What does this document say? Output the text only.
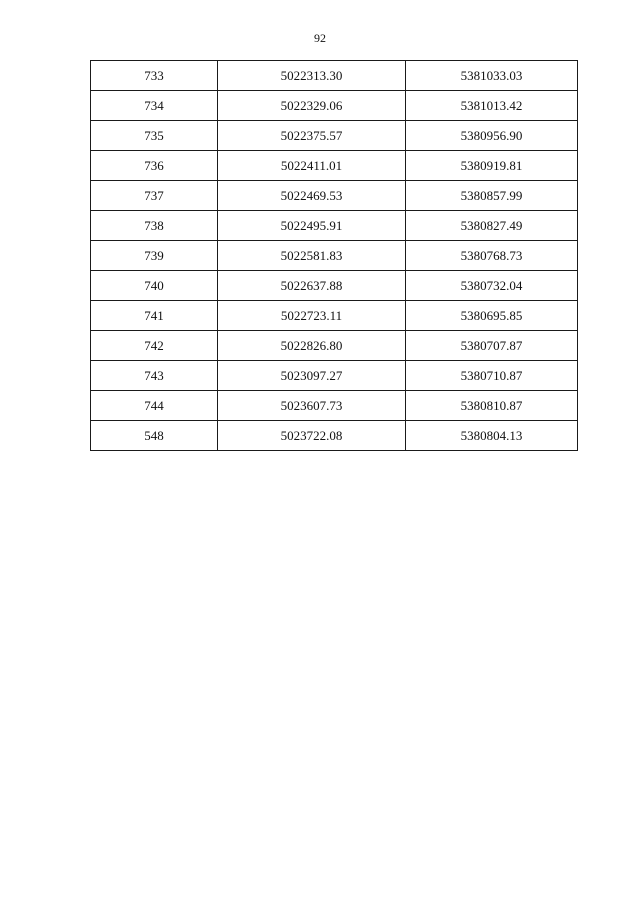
92
733	5022313.30	5381033.03
734	5022329.06	5381013.42
735	5022375.57	5380956.90
736	5022411.01	5380919.81
737	5022469.53	5380857.99
738	5022495.91	5380827.49
739	5022581.83	5380768.73
740	5022637.88	5380732.04
741	5022723.11	5380695.85
742	5022826.80	5380707.87
743	5023097.27	5380710.87
744	5023607.73	5380810.87
548	5023722.08	5380804.13
